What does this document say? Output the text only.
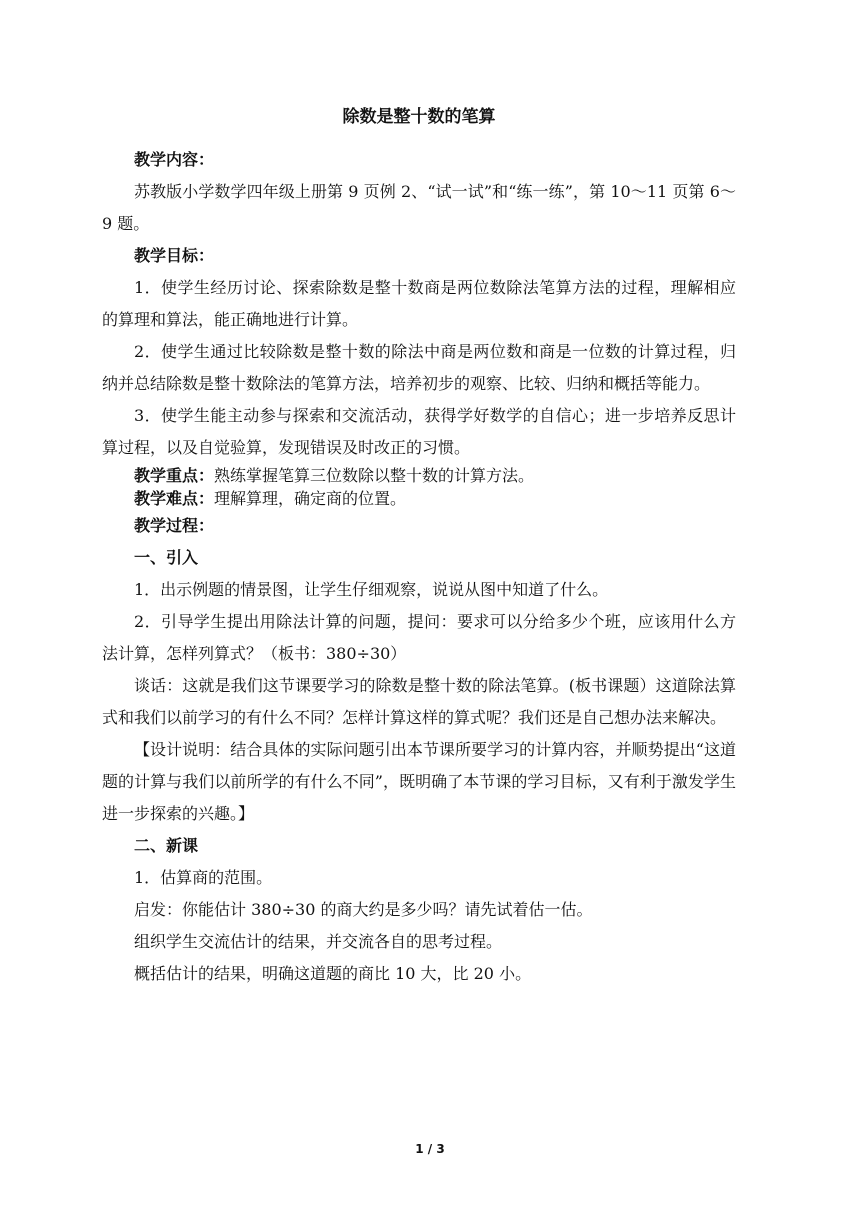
除数是整十数的笔算

教学内容：

苏教版小学数学四年级上册第 9 页例 2、“试一试”和“练一练”，第 10～11 页第 6～9 题。

教学目标：

1．使学生经历讨论、探索除数是整十数商是两位数除法笔算方法的过程，理解相应的算理和算法，能正确地进行计算。

2．使学生通过比较除数是整十数的除法中商是两位数和商是一位数的计算过程，归纳并总结除数是整十数除法的笔算方法，培养初步的观察、比较、归纳和概括等能力。

3．使学生能主动参与探索和交流活动，获得学好数学的自信心；进一步培养反思计算过程，以及自觉验算，发现错误及时改正的习惯。

教学重点：熟练掌握笔算三位数除以整十数的计算方法。

教学难点：理解算理，确定商的位置。

教学过程：

一、引入

1．出示例题的情景图，让学生仔细观察，说说从图中知道了什么。

2．引导学生提出用除法计算的问题，提问：要求可以分给多少个班，应该用什么方法计算，怎样列算式？（板书：380÷30）

谈话：这就是我们这节课要学习的除数是整十数的除法笔算。(板书课题）这道除法算式和我们以前学习的有什么不同？怎样计算这样的算式呢？我们还是自己想办法来解决。

【设计说明：结合具体的实际问题引出本节课所要学习的计算内容，并顺势提出“这道题的计算与我们以前所学的有什么不同”，既明确了本节课的学习目标，又有利于激发学生进一步探索的兴趣。】

二、新课

1．估算商的范围。

启发：你能估计 380÷30 的商大约是多少吗？请先试着估一估。

组织学生交流估计的结果，并交流各自的思考过程。

概括估计的结果，明确这道题的商比 10 大，比 20 小。

1 / 3
